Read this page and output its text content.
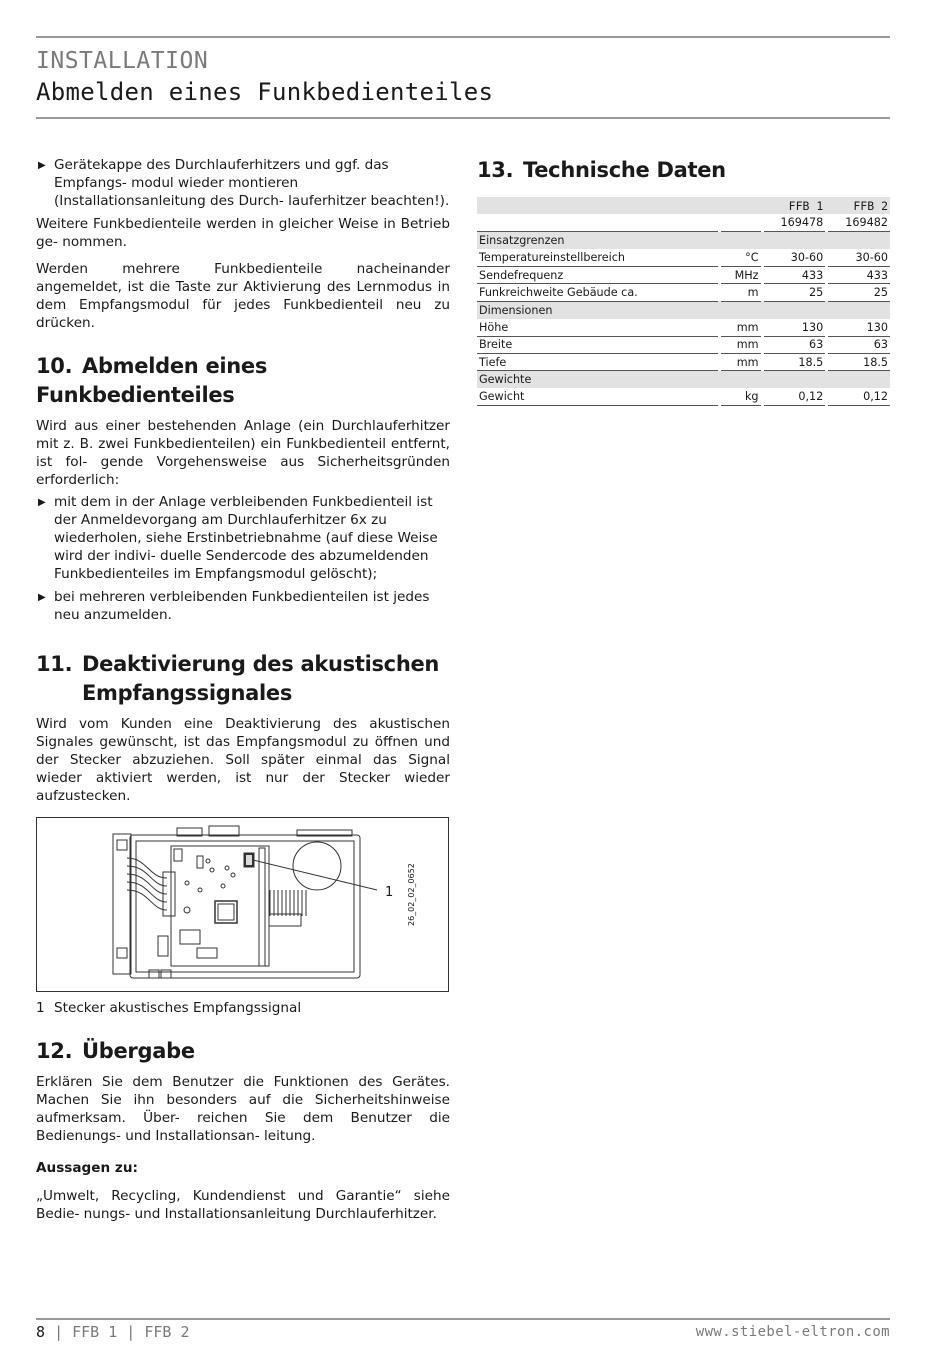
INSTALLATION
Abmelden eines Funkbedienteiles
▶ Gerätekappe des Durchlauferhitzers und ggf. das Empfangs- modul wieder montieren (Installationsanleitung des Durch- lauferhitzer beachten!).

Weitere Funkbedienteile werden in gleicher Weise in Betrieb ge- nommen.

Werden mehrere Funkbedienteile nacheinander angemeldet, ist die Taste zur Aktivierung des Lernmodus in dem Empfangsmodul für jedes Funkbedienteil neu zu drücken.

10. Abmelden eines Funkbedienteiles

Wird aus einer bestehenden Anlage (ein Durchlauferhitzer mit z. B. zwei Funkbedienteilen) ein Funkbedienteil entfernt, ist fol- gende Vorgehensweise aus Sicherheitsgründen erforderlich:

▶ mit dem in der Anlage verbleibenden Funkbedienteil ist der Anmeldevorgang am Durchlauferhitzer 6x zu wiederholen, siehe Erstinbetriebnahme (auf diese Weise wird der indivi- duelle Sendercode des abzumeldenden Funkbedienteiles im Empfangsmodul gelöscht);
▶ bei mehreren verbleibenden Funkbedienteilen ist jedes neu anzumelden.
11. Deaktivierung des akustischen
Empfangssignales

Wird vom Kunden eine Deaktivierung des akustischen Signales gewünscht, ist das Empfangsmodul zu öffnen und der Stecker abzuziehen. Soll später einmal das Signal wieder aktiviert werden, ist nur der Stecker wieder aufzustecken.

1	26_02_02_0652
1 Stecker akustisches Empfangssignal
12. Übergabe

Erklären Sie dem Benutzer die Funktionen des Gerätes. Machen Sie ihn besonders auf die Sicherheitshinweise aufmerksam. Über- reichen Sie dem Benutzer die Bedienungs- und Installationsan- leitung.

Aussagen zu:

„Umwelt, Recycling, Kundendienst und Garantie“ siehe Bedie- nungs- und Installationsanleitung Durchlauferhitzer.

13. Technische Daten
				FFB 1		FFB 2
				169478		169482
Einsatzgrenzen						
Temperatureinstellbereich		°C		30-60		30-60
Sendefrequenz		MHz		433		433
Funkreichweite Gebäude ca.		m		25		25
Dimensionen						
Höhe		mm		130		130
Breite		mm		63		63
Tiefe		mm		18.5		18.5
Gewichte						
Gewicht		kg		0,12		0,12
8 | FFB 1 | FFB 2	www.stiebel-eltron.com
